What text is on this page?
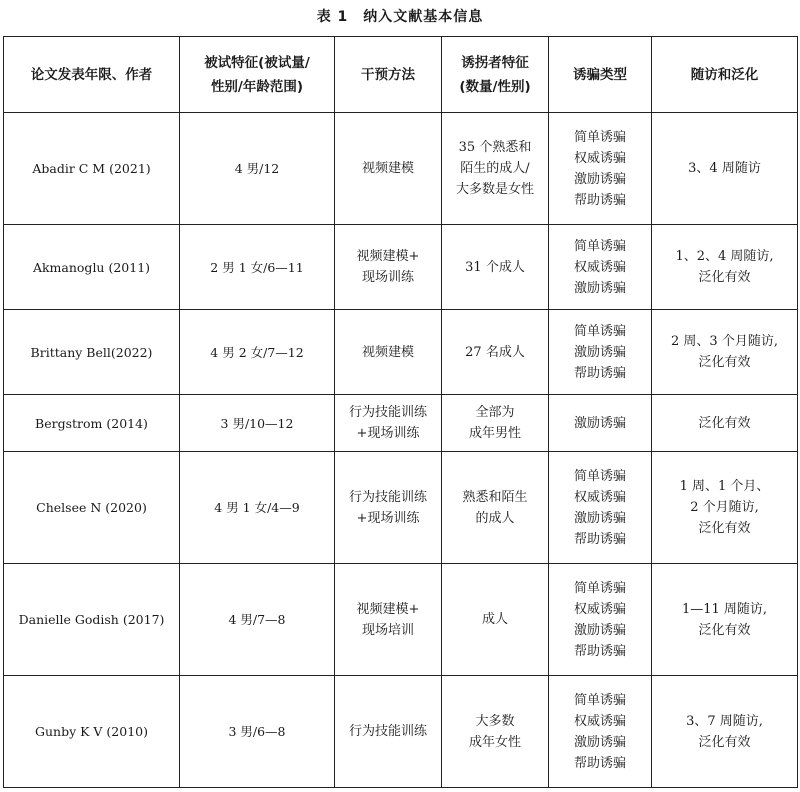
表 1　纳入文献基本信息
论文发表年限、作者	被试特征(被试量/
性别/年龄范围)	干预方法	诱拐者特征
(数量/性别)	诱骗类型	随访和泛化
Abadir C M (2021)	4 男/12	视频建模	35 个熟悉和
陌生的成人/
大多数是女性	简单诱骗
权威诱骗
激励诱骗
帮助诱骗	3、4 周随访
Akmanoglu (2011)	2 男 1 女/6—11	视频建模+
现场训练	31 个成人	简单诱骗
权威诱骗
激励诱骗	1、2、4 周随访,
泛化有效
Brittany Bell(2022)	4 男 2 女/7—12	视频建模	27 名成人	简单诱骗
激励诱骗
帮助诱骗	2 周、3 个月随访,
泛化有效
Bergstrom (2014)	3 男/10—12	行为技能训练
+现场训练	全部为
成年男性	激励诱骗	泛化有效
Chelsee N (2020)	4 男 1 女/4—9	行为技能训练
+现场训练	熟悉和陌生
的成人	简单诱骗
权威诱骗
激励诱骗
帮助诱骗	1 周、1 个月、
2 个月随访,
泛化有效
Danielle Godish (2017)	4 男/7—8	视频建模+
现场培训	成人	简单诱骗
权威诱骗
激励诱骗
帮助诱骗	1—11 周随访,
泛化有效
Gunby K V (2010)	3 男/6—8	行为技能训练	大多数
成年女性	简单诱骗
权威诱骗
激励诱骗
帮助诱骗	3、7 周随访,
泛化有效
